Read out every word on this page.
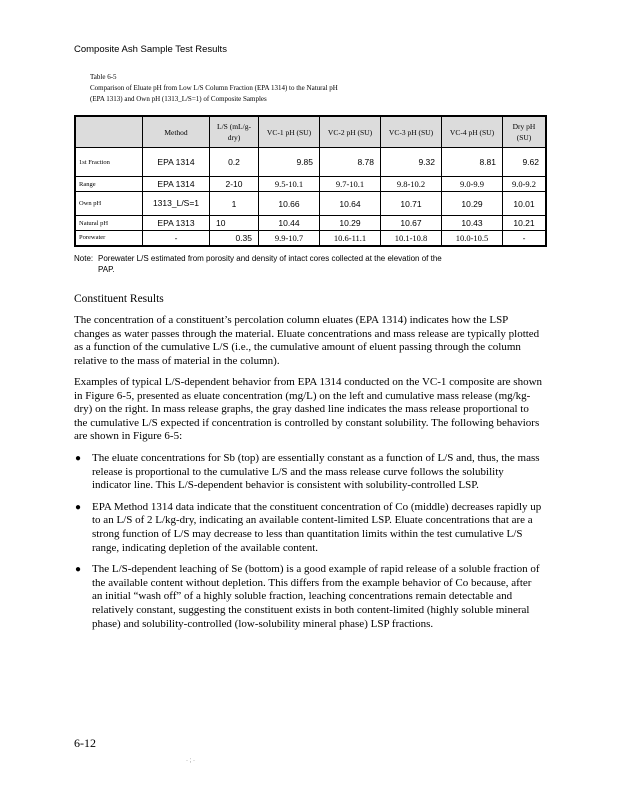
Composite Ash Sample Test Results
Table 6-5
Comparison of Eluate pH from Low L/S Column Fraction (EPA 1314) to the Natural pH
(EPA 1313) and Own pH (1313_L/S=1) of Composite Samples
	Method	L/S (mL/g-dry)	VC-1 pH (SU)	VC-2 pH (SU)	VC-3 pH (SU)	VC-4 pH (SU)	Dry pH (SU)
1st Fraction	EPA 1314	0.2	9.85	8.78	9.32	8.81	9.62
Range	EPA 1314	2-10	9.5-10.1	9.7-10.1	9.8-10.2	9.0-9.9	9.0-9.2
Own pH	1313_L/S=1	1	10.66	10.64	10.71	10.29	10.01
Natural pH	EPA 1313	10	10.44	10.29	10.67	10.43	10.21
Porewater	-	0.35	9.9-10.7	10.6-11.1	10.1-10.8	10.0-10.5	-
Note: Porewater L/S estimated from porosity and density of intact cores collected at the elevation of the
PAP.
Constituent Results
The concentration of a constituent’s percolation column eluates (EPA 1314) indicates how the LSP changes as water passes through the material. Eluate concentrations and mass release are typically plotted as a function of the cumulative L/S (i.e., the cumulative amount of eluent passing through the column relative to the mass of material in the column).
Examples of typical L/S-dependent behavior from EPA 1314 conducted on the VC-1 composite are shown in Figure 6-5, presented as eluate concentration (mg/L) on the left and cumulative mass release (mg/kg-dry) on the right. In mass release graphs, the gray dashed line indicates the mass release proportional to the cumulative L/S expected if concentration is controlled by constant solubility. The following behaviors are shown in Figure 6-5:
● The eluate concentrations for Sb (top) are essentially constant as a function of L/S and, thus, the mass release is proportional to the cumulative L/S and the mass release curve follows the solubility indicator line. This L/S-dependent behavior is consistent with solubility-controlled LSP.
● EPA Method 1314 data indicate that the constituent concentration of Co (middle) decreases rapidly up to an L/S of 2 L/kg-dry, indicating an available content-limited LSP. Eluate concentrations that are a strong function of L/S may decrease to less than quantitation limits within the test cumulative L/S range, indicating depletion of the available content.
● The L/S-dependent leaching of Se (bottom) is a good example of rapid release of a soluble fraction of the available content without depletion. This differs from the example behavior of Co because, after an initial “wash off” of a highly soluble fraction, leaching concentrations remain detectable and relatively constant, suggesting the constituent exists in both content-limited (highly soluble mineral phase) and solubility-controlled (low-solubility mineral phase) LSP fractions.
6-12
· ; ·
